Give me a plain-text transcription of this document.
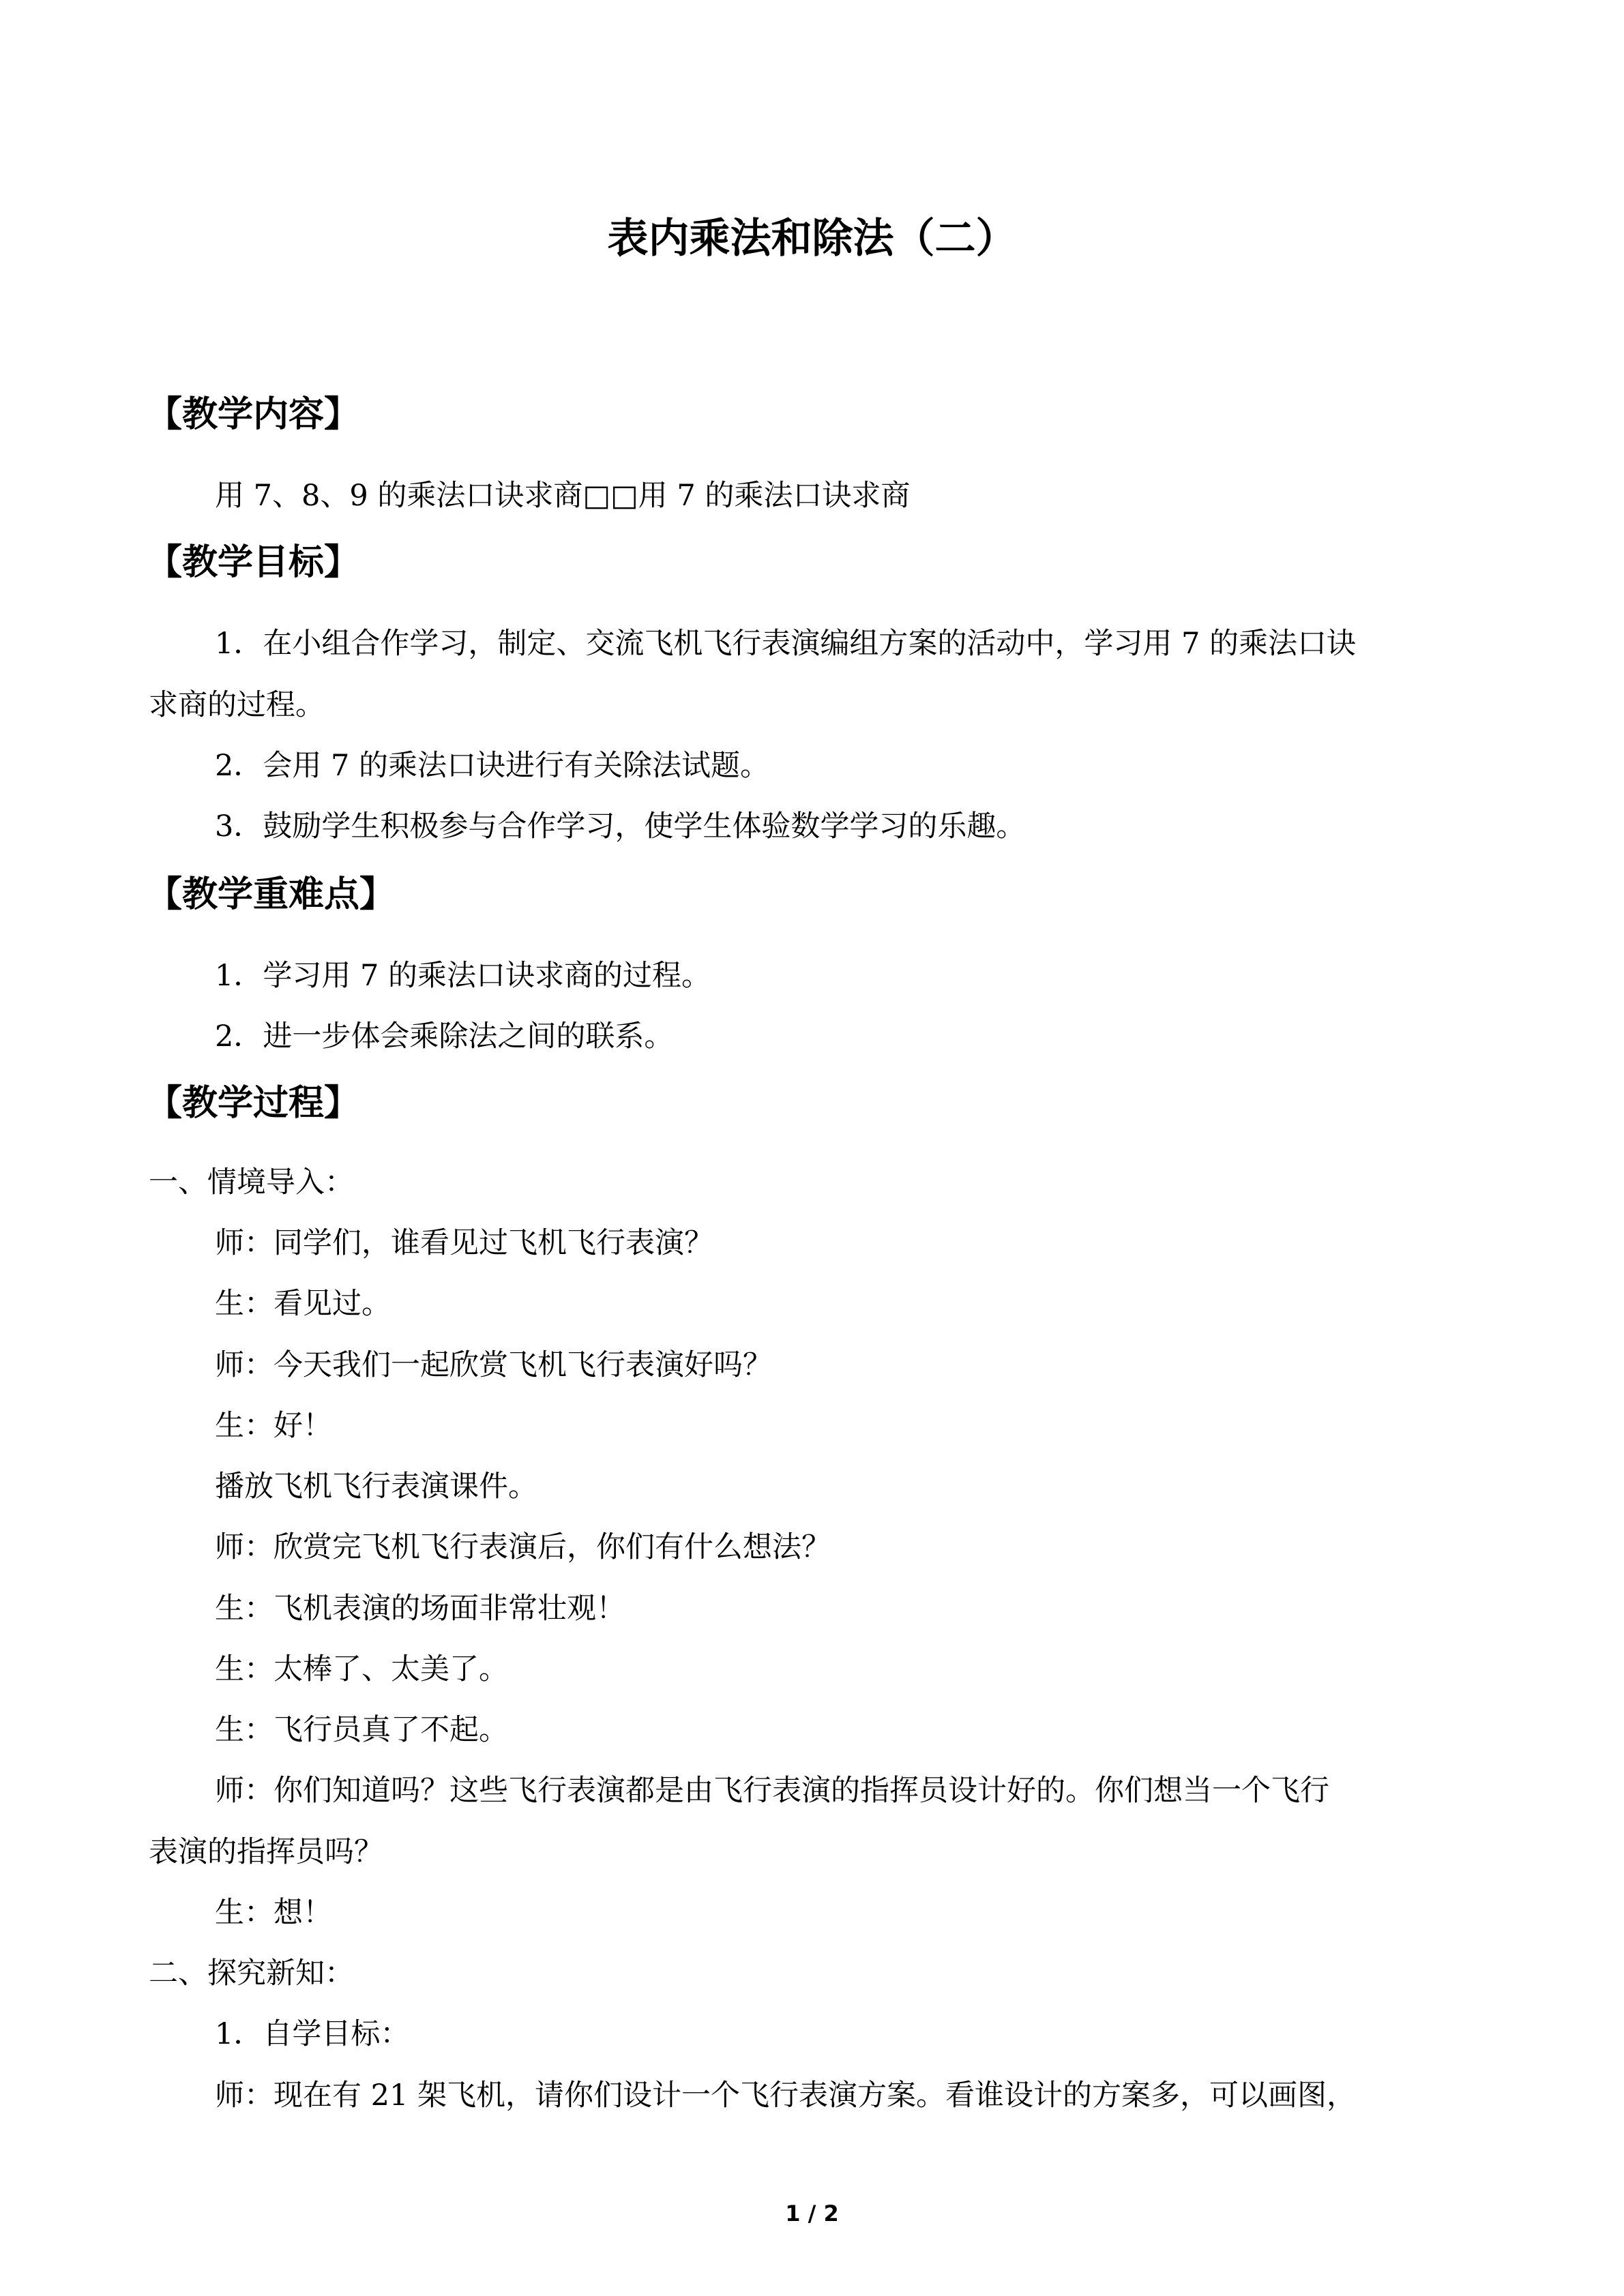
表内乘法和除法（二）
【教学内容】
用 7、8、9 的乘法口诀求商□□用 7 的乘法口诀求商
【教学目标】
1．在小组合作学习，制定、交流飞机飞行表演编组方案的活动中，学习用 7 的乘法口诀
求商的过程。
2．会用 7 的乘法口诀进行有关除法试题。
3．鼓励学生积极参与合作学习，使学生体验数学学习的乐趣。
【教学重难点】
1．学习用 7 的乘法口诀求商的过程。
2．进一步体会乘除法之间的联系。
【教学过程】
一、情境导入：
师：同学们，谁看见过飞机飞行表演？
生：看见过。
师：今天我们一起欣赏飞机飞行表演好吗？
生：好！
播放飞机飞行表演课件。
师：欣赏完飞机飞行表演后，你们有什么想法？
生：飞机表演的场面非常壮观！
生：太棒了、太美了。
生：飞行员真了不起。
师：你们知道吗？这些飞行表演都是由飞行表演的指挥员设计好的。你们想当一个飞行
表演的指挥员吗？
生：想！
二、探究新知：
1．自学目标：
师：现在有 21 架飞机，请你们设计一个飞行表演方案。看谁设计的方案多，可以画图，
1 / 2
